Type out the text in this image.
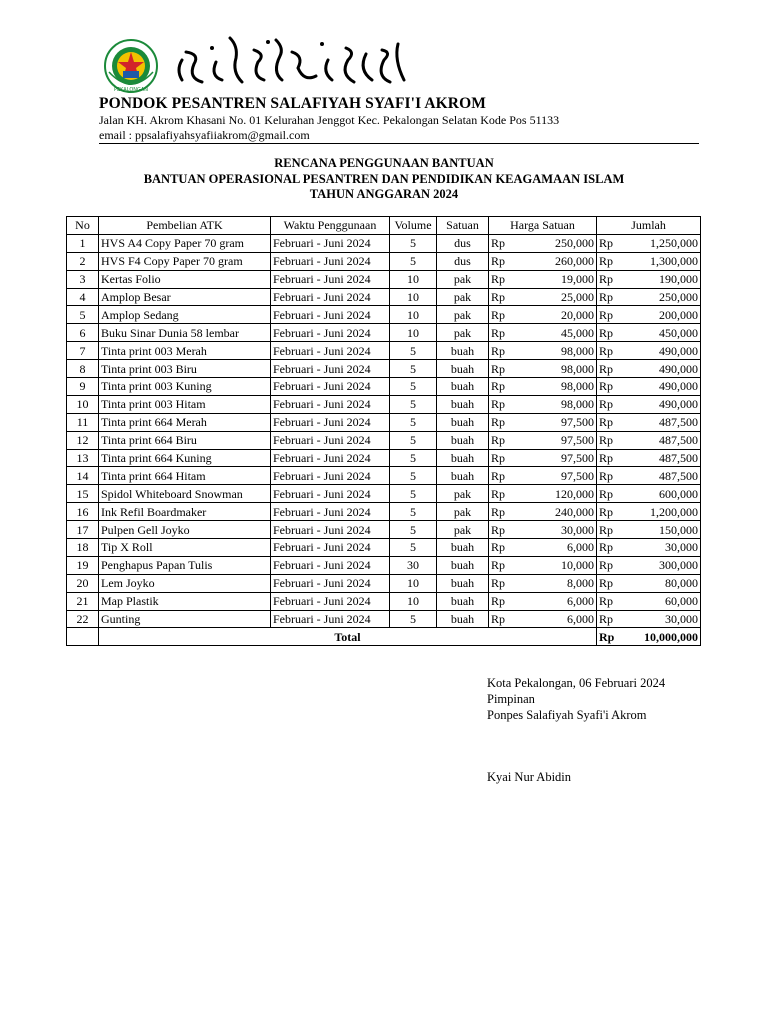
PEKALONGAN
PONDOK PESANTREN SALAFIYAH SYAFI'I AKROM
Jalan KH. Akrom Khasani No. 01 Kelurahan Jenggot Kec. Pekalongan Selatan Kode Pos 51133
email : ppsalafiyahsyafiiakrom@gmail.com
RENCANA PENGGUNAAN BANTUAN
BANTUAN OPERASIONAL PESANTREN DAN PENDIDIKAN KEAGAMAAN ISLAM
TAHUN ANGGARAN 2024
No	Pembelian ATK	Waktu Penggunaan	Volume	Satuan	Harga Satuan		Jumlah	
1	HVS A4 Copy Paper 70 gram	Februari - Juni 2024	5	dus	Rp	250,000	Rp	1,250,000
2	HVS F4 Copy Paper 70 gram	Februari - Juni 2024	5	dus	Rp	260,000	Rp	1,300,000
3	Kertas Folio	Februari - Juni 2024	10	pak	Rp	19,000	Rp	190,000
4	Amplop Besar	Februari - Juni 2024	10	pak	Rp	25,000	Rp	250,000
5	Amplop Sedang	Februari - Juni 2024	10	pak	Rp	20,000	Rp	200,000
6	Buku Sinar Dunia 58 lembar	Februari - Juni 2024	10	pak	Rp	45,000	Rp	450,000
7	Tinta print 003 Merah	Februari - Juni 2024	5	buah	Rp	98,000	Rp	490,000
8	Tinta print 003 Biru	Februari - Juni 2024	5	buah	Rp	98,000	Rp	490,000
9	Tinta print 003 Kuning	Februari - Juni 2024	5	buah	Rp	98,000	Rp	490,000
10	Tinta print 003 Hitam	Februari - Juni 2024	5	buah	Rp	98,000	Rp	490,000
11	Tinta print 664 Merah	Februari - Juni 2024	5	buah	Rp	97,500	Rp	487,500
12	Tinta print 664 Biru	Februari - Juni 2024	5	buah	Rp	97,500	Rp	487,500
13	Tinta print 664 Kuning	Februari - Juni 2024	5	buah	Rp	97,500	Rp	487,500
14	Tinta print 664 Hitam	Februari - Juni 2024	5	buah	Rp	97,500	Rp	487,500
15	Spidol Whiteboard Snowman	Februari - Juni 2024	5	pak	Rp	120,000	Rp	600,000
16	Ink Refil Boardmaker	Februari - Juni 2024	5	pak	Rp	240,000	Rp	1,200,000
17	Pulpen Gell Joyko	Februari - Juni 2024	5	pak	Rp	30,000	Rp	150,000
18	Tip X Roll	Februari - Juni 2024	5	buah	Rp	6,000	Rp	30,000
19	Penghapus Papan Tulis	Februari - Juni 2024	30	buah	Rp	10,000	Rp	300,000
20	Lem Joyko	Februari - Juni 2024	10	buah	Rp	8,000	Rp	80,000
21	Map Plastik	Februari - Juni 2024	10	buah	Rp	6,000	Rp	60,000
22	Gunting	Februari - Juni 2024	5	buah	Rp	6,000	Rp	30,000
	Total						Rp	10,000,000
Kota Pekalongan, 06 Februari 2024
Pimpinan
Ponpes Salafiyah Syafi'i Akrom
Kyai Nur Abidin
